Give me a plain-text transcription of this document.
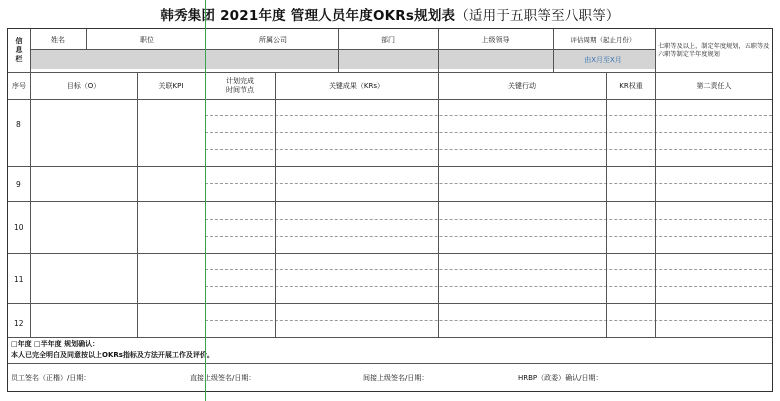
韩秀集团 2021年度 管理人员年度OKRs规划表（适用于五职等至八职等）
信
息
栏
姓名	职位	所属公司	部门	上级领导	评估周期（起止月份）
由X月至X月
七职等及以上，制定年度规划，五职等及六职等制定半年度规划
序号	目标（O）	关联KPI
计划完成
时间节点
关键成果（KRs）	关键行动	KR权重	第二责任人
8
9
10
11
12
□年度 □半年度 规划确认：
本人已完全明白及同意按以上OKRs指标及方法开展工作及评价。
员工签名（正楷）/日期：	直接上级签名/日期：	间接上级签名/日期：	HRBP（政委）确认/日期：
